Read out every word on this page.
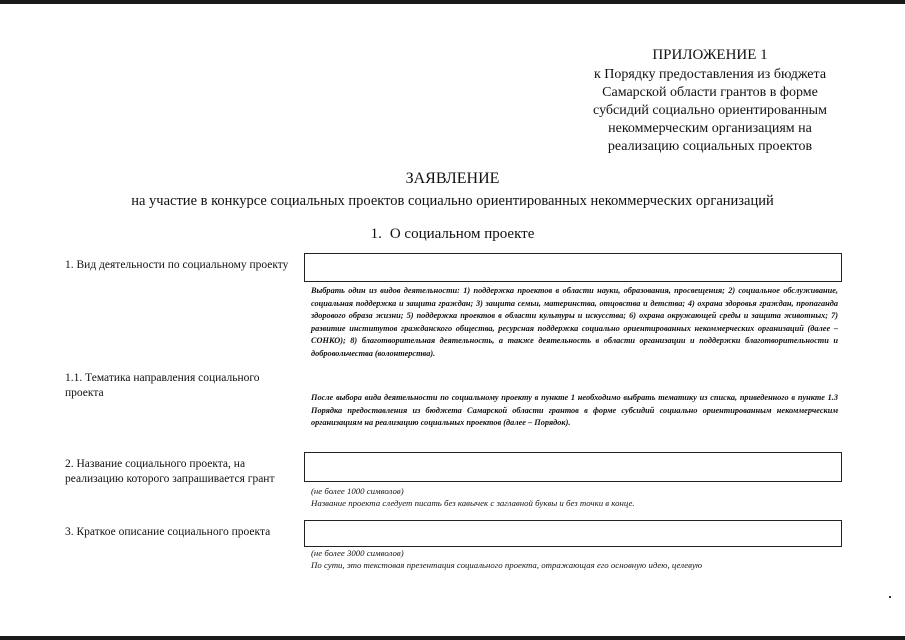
ПРИЛОЖЕНИЕ 1
к Порядку предоставления из бюджета
Самарской области грантов в форме
субсидий социально ориентированным
некоммерческим организациям на
реализацию социальных проектов
ЗАЯВЛЕНИЕ
на участие в конкурсе социальных проектов социально ориентированных некоммерческих организаций
1. О социальном проекте
1. Вид деятельности по социальному проекту
Выбрать один из видов деятельности: 1) поддержка проектов в области науки, образования, просвещения; 2) социальное обслуживание, социальная поддержка и защита граждан; 3) защита семьи, материнства, отцовства и детства; 4) охрана здоровья граждан, пропаганда здорового образа жизни; 5) поддержка проектов в области культуры и искусства; 6) охрана окружающей среды и защита животных; 7) развитие институтов гражданского общества, ресурсная поддержка социально ориентированных некоммерческих организаций (далее – СОНКО); 8) благотворительная деятельность, а также деятельность в области организации и поддержки благотворительности и добровольчества (волонтерства).
1.1. Тематика направления социального проекта	После выбора вида деятельности по социальному проекту в пункте 1 необходимо выбрать тематику из списка, приведенного в пункте 1.3 Порядка предоставления из бюджета Самарской области грантов в форме субсидий социально ориентированным некоммерческим организациям на реализацию социальных проектов (далее – Порядок).
2. Название социального проекта, на реализацию которого запрашивается грант
(не более 1000 символов)
Название проекта следует писать без кавычек с заглавной буквы и без точки в конце.
3. Краткое описание социального проекта
(не более 3000 символов)
По сути, это текстовая презентация социального проекта, отражающая его основную идею, целевую
